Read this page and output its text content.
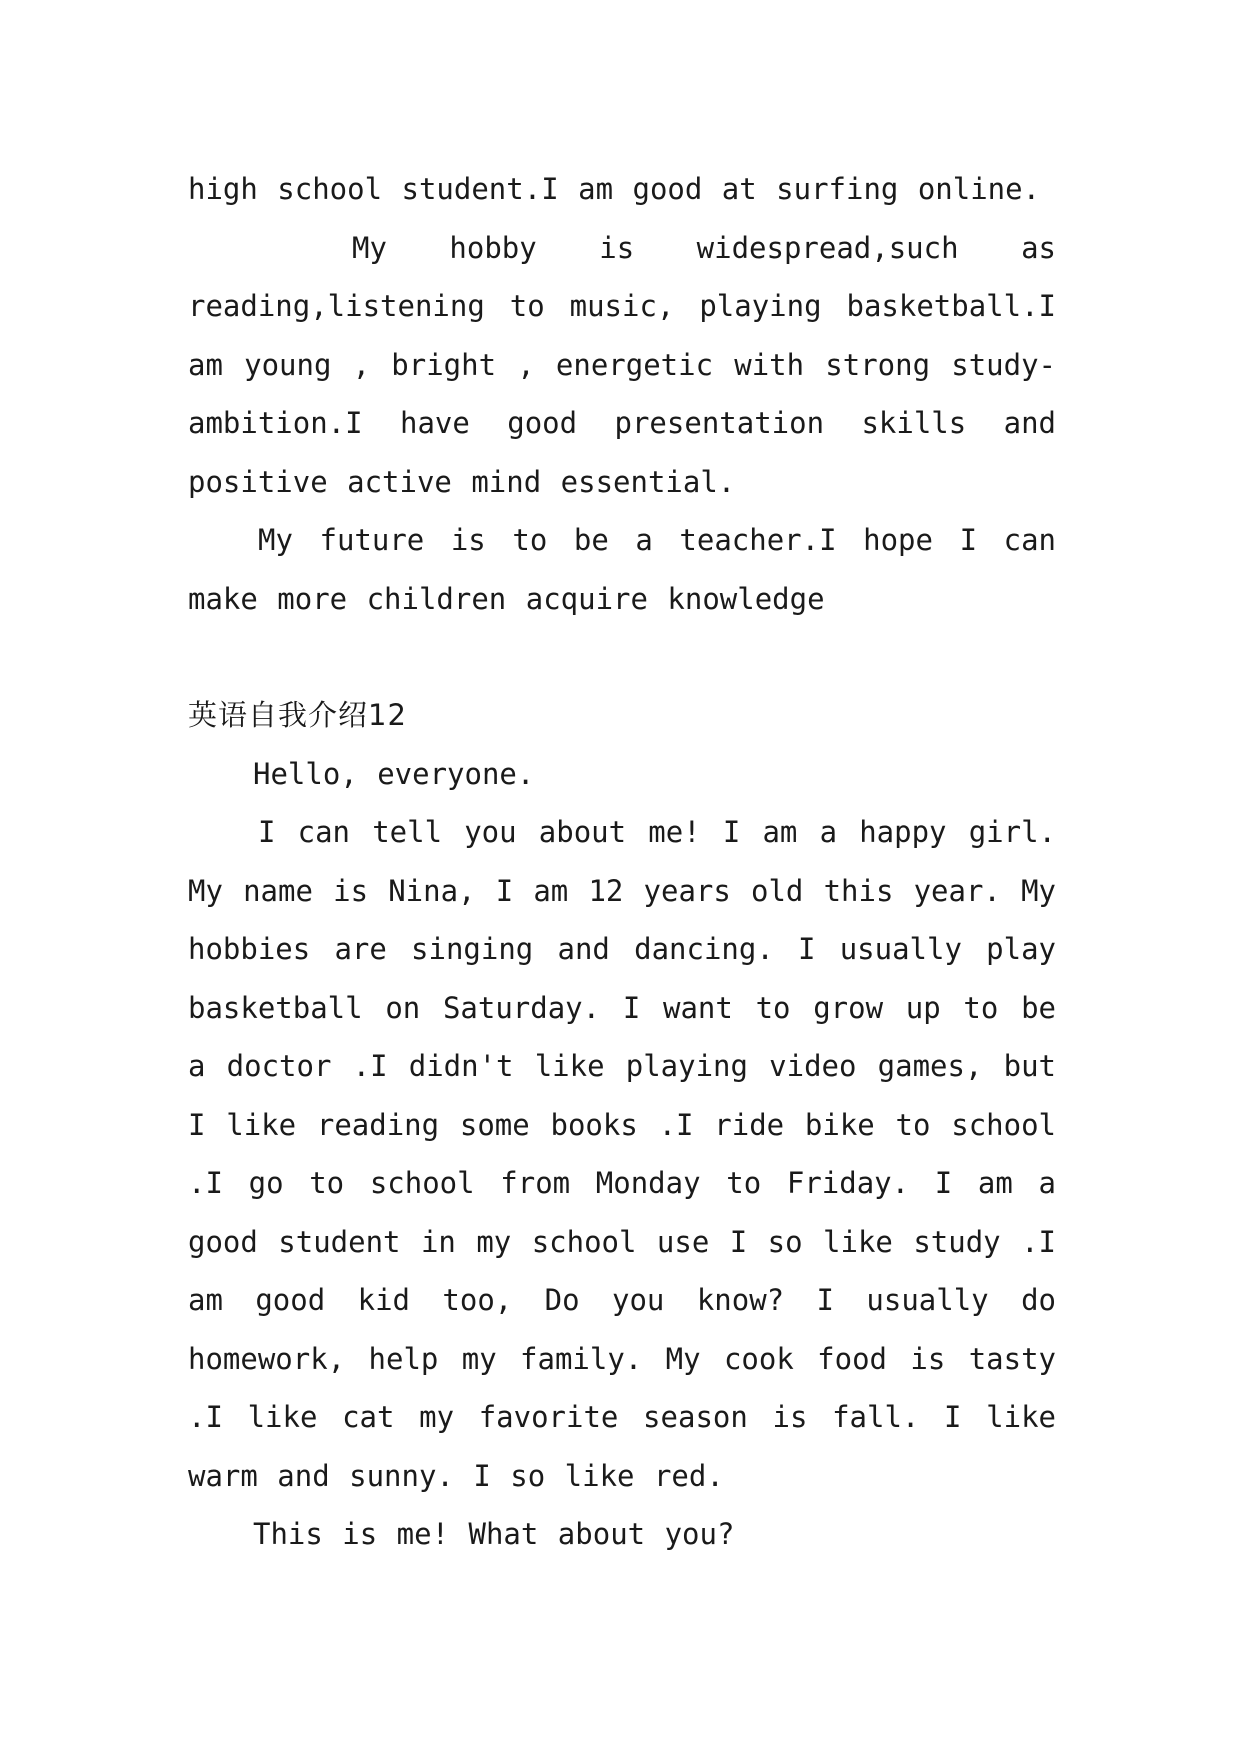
high school student.I am good at surfing online.

My hobby is widespread,such as reading,listening to music, playing basketball.I am young , bright , energetic with strong study-ambition.I have good presentation skills and positive active mind essential.

My future is to be a teacher.I hope I can make more children acquire knowledge

英语自我介绍12

Hello, everyone.

I can tell you about me! I am a happy girl. My name is Nina, I am 12 years old this year. My hobbies are singing and dancing. I usually play basketball on Saturday. I want to grow up to be a doctor .I didn't like playing video games, but I like reading some books .I ride bike to school .I go to school from Monday to Friday. I am a good student in my school use I so like study .I am good kid too, Do you know? I usually do homework, help my family. My cook food is tasty .I like cat my favorite season is fall. I like warm and sunny. I so like red.

This is me! What about you?
